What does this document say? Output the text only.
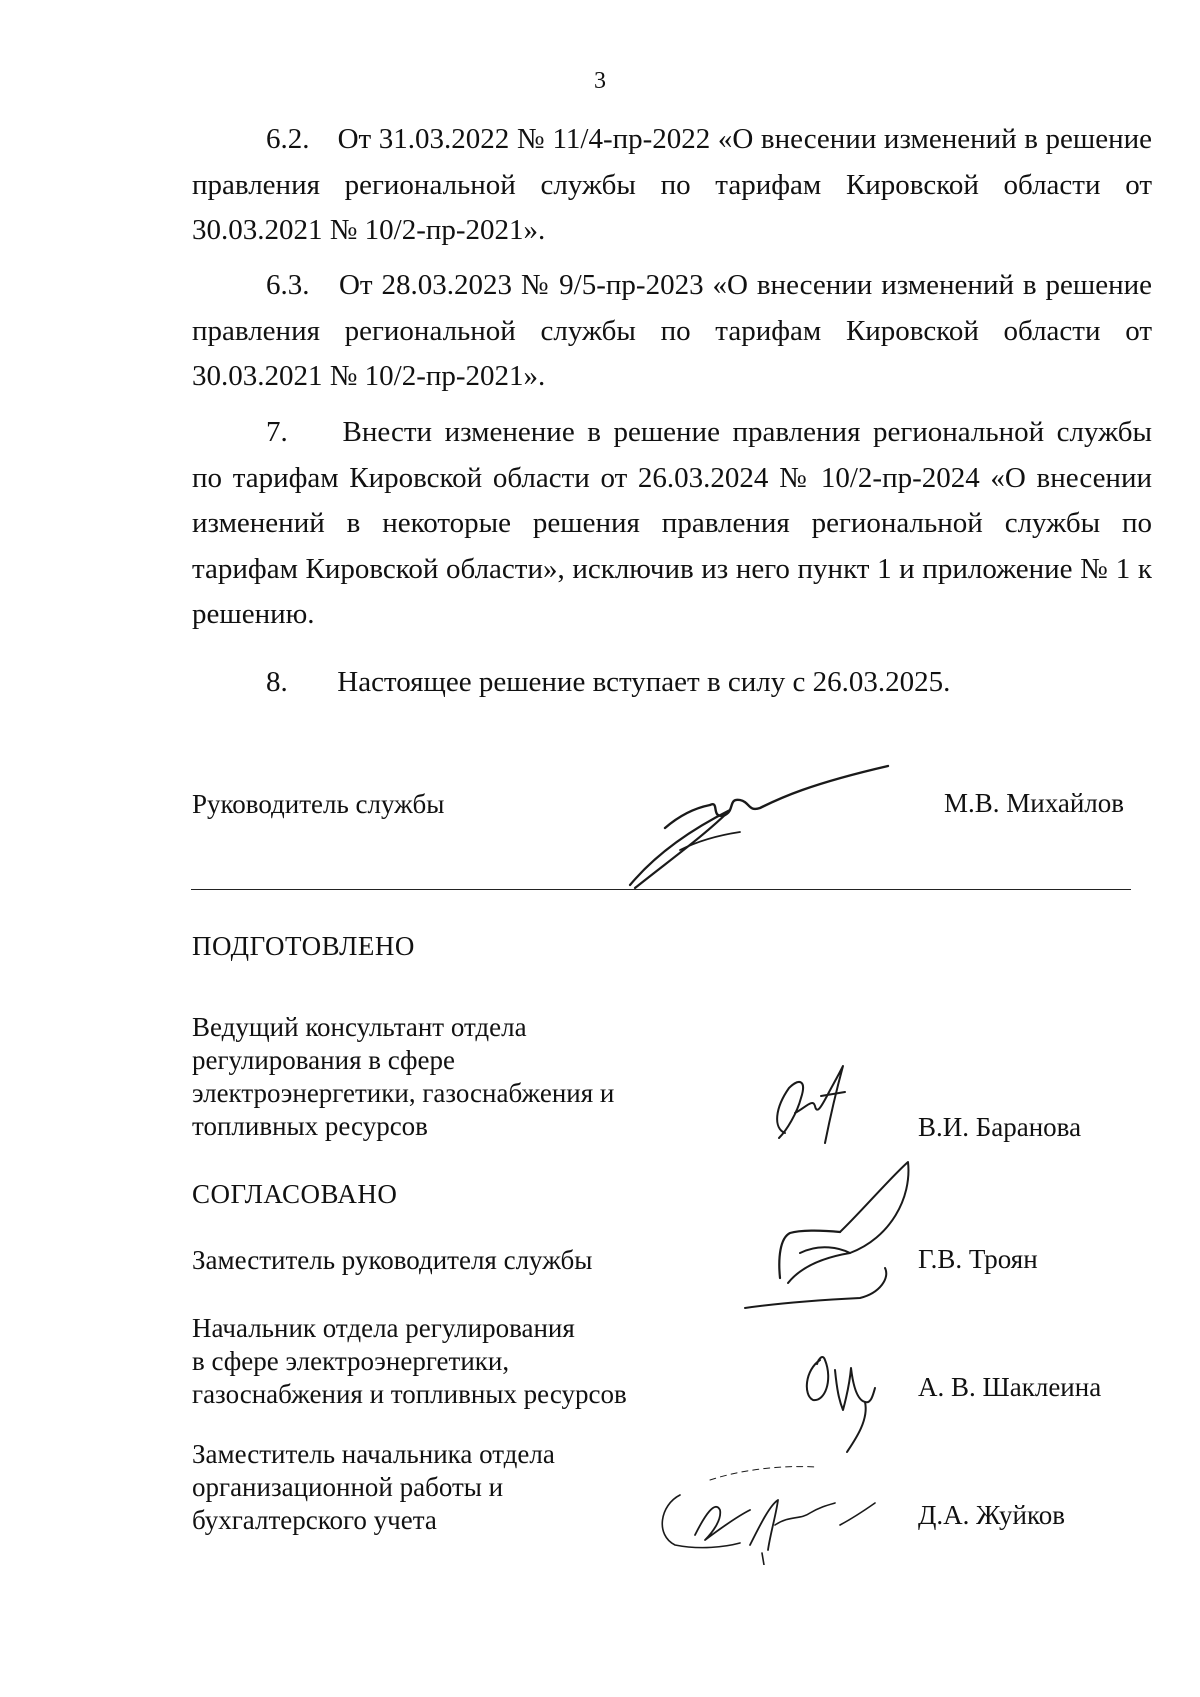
3
6.2. От 31.03.2022 № 11/4-пр-2022 «О внесении изменений в решение правления региональной службы по тарифам Кировской области от 30.03.2021 № 10/2-пр-2021».
6.3. От 28.03.2023 № 9/5-пр-2023 «О внесении изменений в решение правления региональной службы по тарифам Кировской области от 30.03.2021 № 10/2-пр-2021».
7. Внести изменение в решение правления региональной службы по тарифам Кировской области от 26.03.2024 № 10/2-пр-2024 «О внесении изменений в некоторые решения правления региональной службы по тарифам Кировской области», исключив из него пункт 1 и приложение № 1 к решению.
8. Настоящее решение вступает в силу с 26.03.2025.
Руководитель службы	М.В. Михайлов
ПОДГОТОВЛЕНО
Ведущий консультант отдела
регулирования в сфере
электроэнергетики, газоснабжения и
топливных ресурсов	В.И. Баранова
СОГЛАСОВАНО
Заместитель руководителя службы	Г.В. Троян
Начальник отдела регулирования
в сфере электроэнергетики,
газоснабжения и топливных ресурсов	А. В. Шаклеина
Заместитель начальника отдела
организационной работы и
бухгалтерского учета	Д.А. Жуйков
